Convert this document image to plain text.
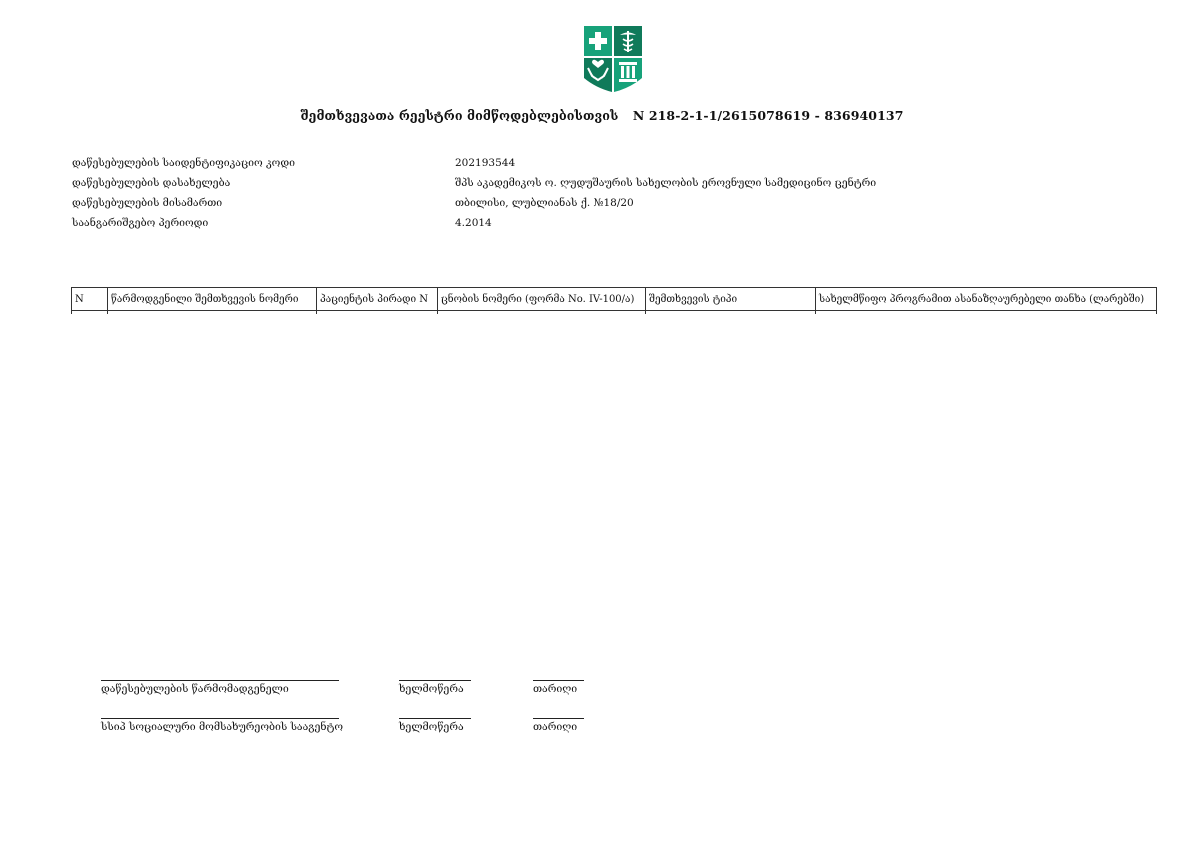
შემთხვევათა რეესტრი მიმწოდებლებისთვის N 218-2-1-1/2615078619 - 836940137
დაწესებულების საიდენტიფიკაციო კოდი	202193544
დაწესებულების დასახელება	შპს აკადემიკოს ო. ღუდუშაურის სახელობის ეროვნული სამედიცინო ცენტრი
დაწესებულების მისამართი	თბილისი, ლუბლიანას ქ. №18/20
საანგარიშგებო პერიოდი	4.2014
N	წარმოდგენილი შემთხვევის ნომერი	პაციენტის პირადი N	ცნობის ნომერი (ფორმა No. IV-100/ა)	შემთხვევის ტიპი	სახელმწიფო პროგრამით ასანაზღაურებელი თანხა (ლარებში)

დაწესებულების წარმომადგენელი	ხელმოწერა	თარიღი
სსიპ სოციალური მომსახურეობის სააგენტო	ხელმოწერა	თარიღი
